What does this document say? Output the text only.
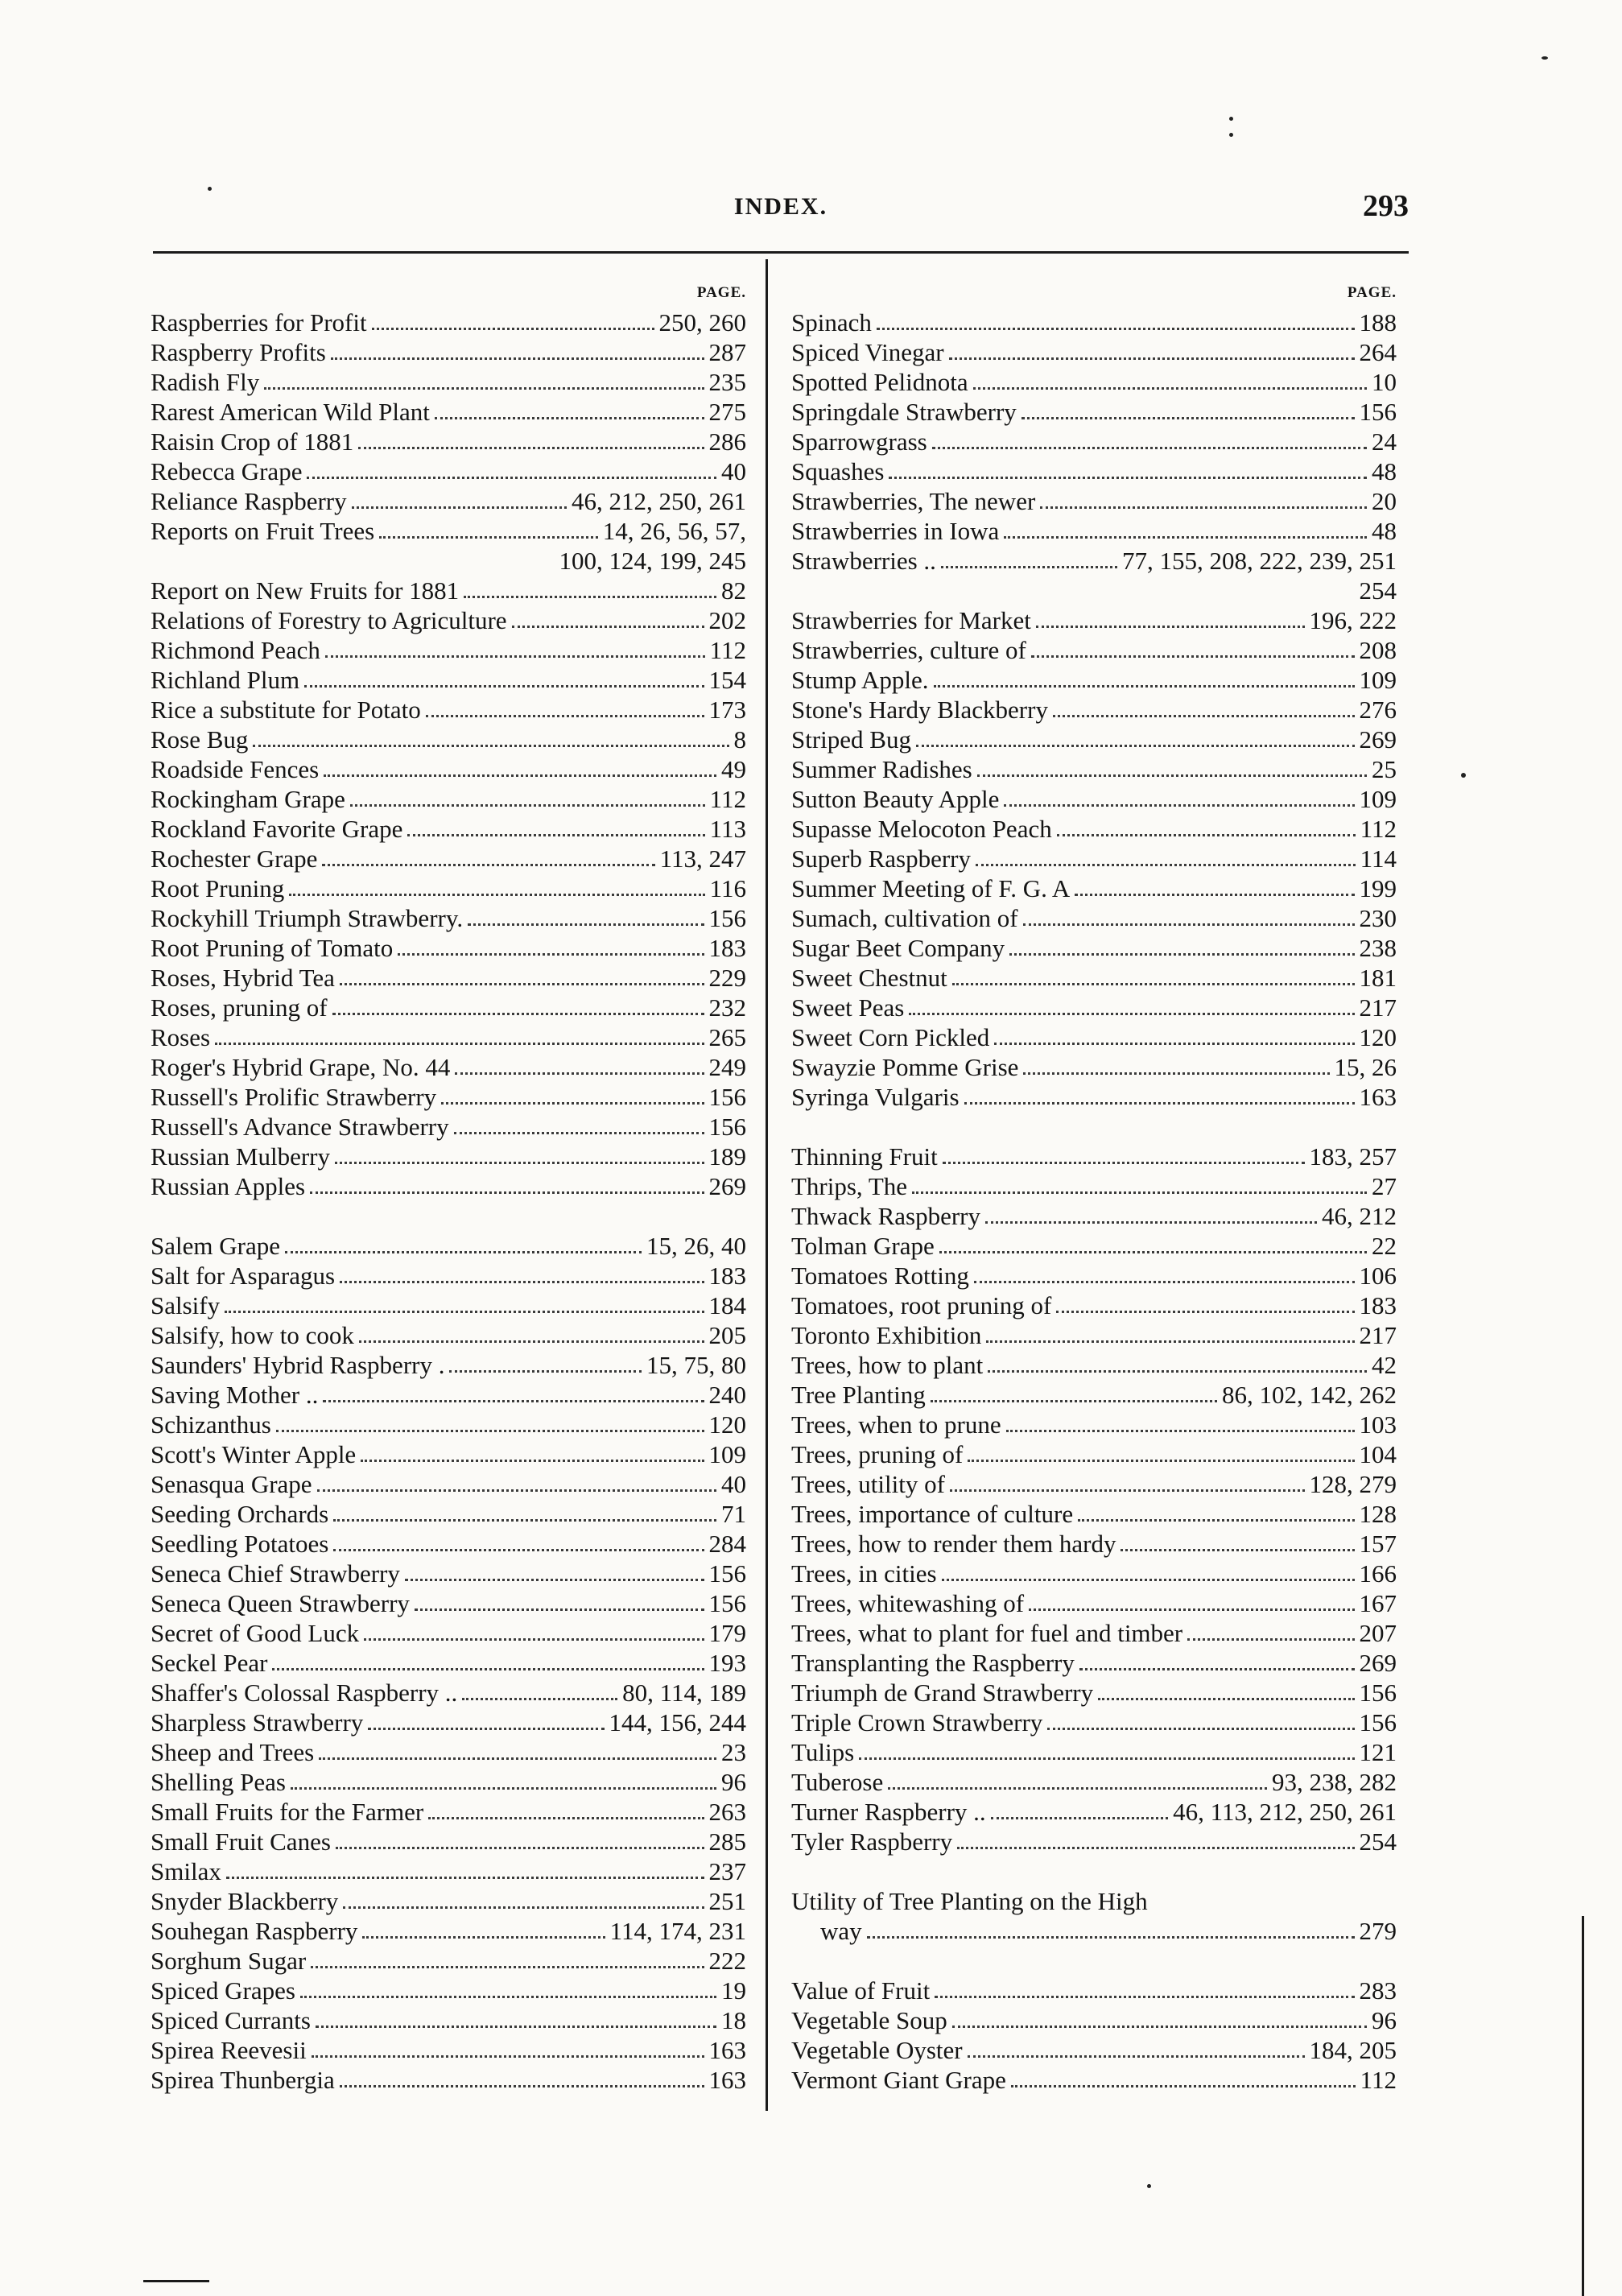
INDEX.	293
PAGE.
Raspberries for Profit	250, 260
Raspberry Profits	287
Radish Fly	235
Rarest American Wild Plant	275
Raisin Crop of 1881	286
Rebecca Grape	40
Reliance Raspberry	46, 212, 250, 261
Reports on Fruit Trees	14, 26, 56, 57,
100, 124, 199, 245
Report on New Fruits for 1881	82
Relations of Forestry to Agriculture	202
Richmond Peach	112
Richland Plum	154
Rice a substitute for Potato	173
Rose Bug	8
Roadside Fences	49
Rockingham Grape	112
Rockland Favorite Grape	113
Rochester Grape	113, 247
Root Pruning	116
Rockyhill Triumph Strawberry.	156
Root Pruning of Tomato	183
Roses, Hybrid Tea	229
Roses, pruning of	232
Roses	265
Roger's Hybrid Grape, No. 44	249
Russell's Prolific Strawberry	156
Russell's Advance Strawberry	156
Russian Mulberry	189
Russian Apples	269
Salem Grape	15, 26, 40
Salt for Asparagus	183
Salsify	184
Salsify, how to cook	205
Saunders' Hybrid Raspberry .	15, 75, 80
Saving Mother ..	240
Schizanthus	120
Scott's Winter Apple	109
Senasqua Grape	40
Seeding Orchards	71
Seedling Potatoes	284
Seneca Chief Strawberry	156
Seneca Queen Strawberry	156
Secret of Good Luck	179
Seckel Pear	193
Shaffer's Colossal Raspberry ..	80, 114, 189
Sharpless Strawberry	144, 156, 244
Sheep and Trees	23
Shelling Peas	96
Small Fruits for the Farmer	263
Small Fruit Canes	285
Smilax	237
Snyder Blackberry	251
Souhegan Raspberry	114, 174, 231
Sorghum Sugar	222
Spiced Grapes	19
Spiced Currants	18
Spirea Reevesii	163
Spirea Thunbergia	163
PAGE.
Spinach	188
Spiced Vinegar	264
Spotted Pelidnota	10
Springdale Strawberry	156
Sparrowgrass	24
Squashes	48
Strawberries, The newer	20
Strawberries in Iowa	48
Strawberries ..	77, 155, 208, 222, 239, 251
254
Strawberries for Market	196, 222
Strawberries, culture of	208
Stump Apple.	109
Stone's Hardy Blackberry	276
Striped Bug	269
Summer Radishes	25
Sutton Beauty Apple	109
Supasse Melocoton Peach	112
Superb Raspberry	114
Summer Meeting of F. G. A	199
Sumach, cultivation of	230
Sugar Beet Company	238
Sweet Chestnut	181
Sweet Peas	217
Sweet Corn Pickled	120
Swayzie Pomme Grise	15, 26
Syringa Vulgaris	163
Thinning Fruit	183, 257
Thrips, The	27
Thwack Raspberry	46, 212
Tolman Grape	22
Tomatoes Rotting	106
Tomatoes, root pruning of	183
Toronto Exhibition	217
Trees, how to plant	42
Tree Planting	86, 102, 142, 262
Trees, when to prune	103
Trees, pruning of	104
Trees, utility of	128, 279
Trees, importance of culture	128
Trees, how to render them hardy	157
Trees, in cities	166
Trees, whitewashing of	167
Trees, what to plant for fuel and timber	207
Transplanting the Raspberry	269
Triumph de Grand Strawberry	156
Triple Crown Strawberry	156
Tulips	121
Tuberose	93, 238, 282
Turner Raspberry ..	46, 113, 212, 250, 261
Tyler Raspberry	254
Utility of Tree Planting on the High
way	279
Value of Fruit	283
Vegetable Soup	96
Vegetable Oyster	184, 205
Vermont Giant Grape	112
